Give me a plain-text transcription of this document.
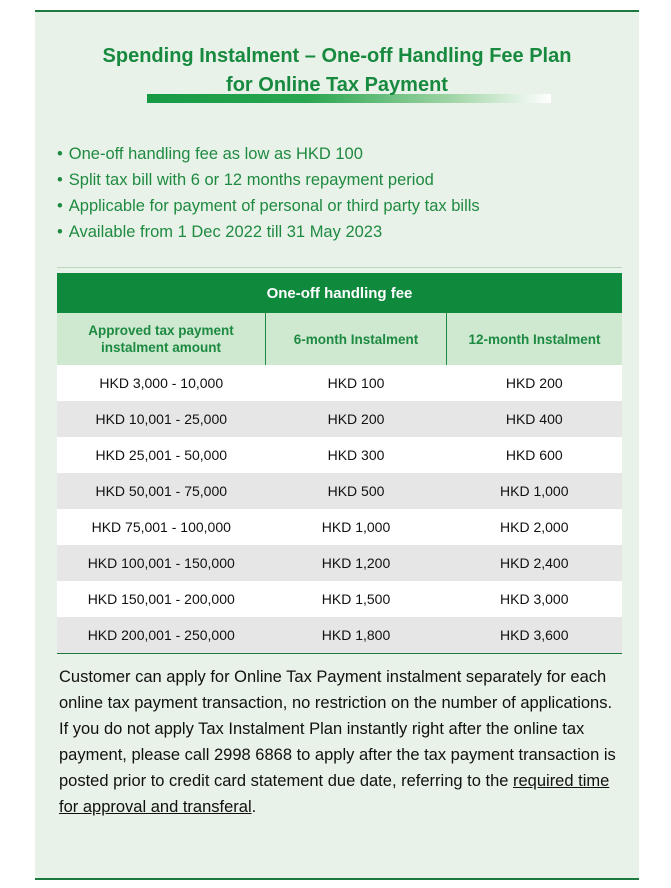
Spending Instalment – One-off Handling Fee Plan
for Online Tax Payment
• One-off handling fee as low as HKD 100
• Split tax bill with 6 or 12 months repayment period
• Applicable for payment of personal or third party tax bills
• Available from 1 Dec 2022 till 31 May 2023
One-off handling fee		
Approved tax payment instalment amount	6-month Instalment	12-month Instalment
HKD 3,000 - 10,000	HKD 100	HKD 200
HKD 10,001 - 25,000	HKD 200	HKD 400
HKD 25,001 - 50,000	HKD 300	HKD 600
HKD 50,001 - 75,000	HKD 500	HKD 1,000
HKD 75,001 - 100,000	HKD 1,000	HKD 2,000
HKD 100,001 - 150,000	HKD 1,200	HKD 2,400
HKD 150,001 - 200,000	HKD 1,500	HKD 3,000
HKD 200,001 - 250,000	HKD 1,800	HKD 3,600

Customer can apply for Online Tax Payment instalment separately for each online tax payment transaction, no restriction on the number of applications.

If you do not apply Tax Instalment Plan instantly right after the online tax payment, please call 2998 6868 to apply after the tax payment transaction is posted prior to credit card statement due date, referring to the required time for approval and transferal.
